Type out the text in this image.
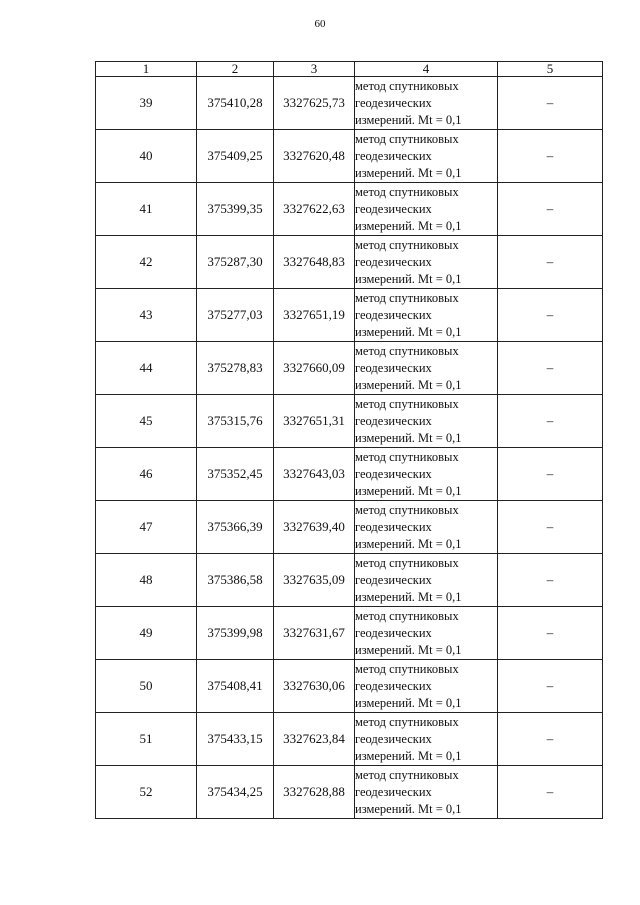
60
1	2	3	4	5
39	375410,28	3327625,73	метод спутниковых
геодезических
измерений. Mt = 0,1	–
40	375409,25	3327620,48	метод спутниковых
геодезических
измерений. Mt = 0,1	–
41	375399,35	3327622,63	метод спутниковых
геодезических
измерений. Mt = 0,1	–
42	375287,30	3327648,83	метод спутниковых
геодезических
измерений. Mt = 0,1	–
43	375277,03	3327651,19	метод спутниковых
геодезических
измерений. Mt = 0,1	–
44	375278,83	3327660,09	метод спутниковых
геодезических
измерений. Mt = 0,1	–
45	375315,76	3327651,31	метод спутниковых
геодезических
измерений. Mt = 0,1	–
46	375352,45	3327643,03	метод спутниковых
геодезических
измерений. Mt = 0,1	–
47	375366,39	3327639,40	метод спутниковых
геодезических
измерений. Mt = 0,1	–
48	375386,58	3327635,09	метод спутниковых
геодезических
измерений. Mt = 0,1	–
49	375399,98	3327631,67	метод спутниковых
геодезических
измерений. Mt = 0,1	–
50	375408,41	3327630,06	метод спутниковых
геодезических
измерений. Mt = 0,1	–
51	375433,15	3327623,84	метод спутниковых
геодезических
измерений. Mt = 0,1	–
52	375434,25	3327628,88	метод спутниковых
геодезических
измерений. Mt = 0,1	–
